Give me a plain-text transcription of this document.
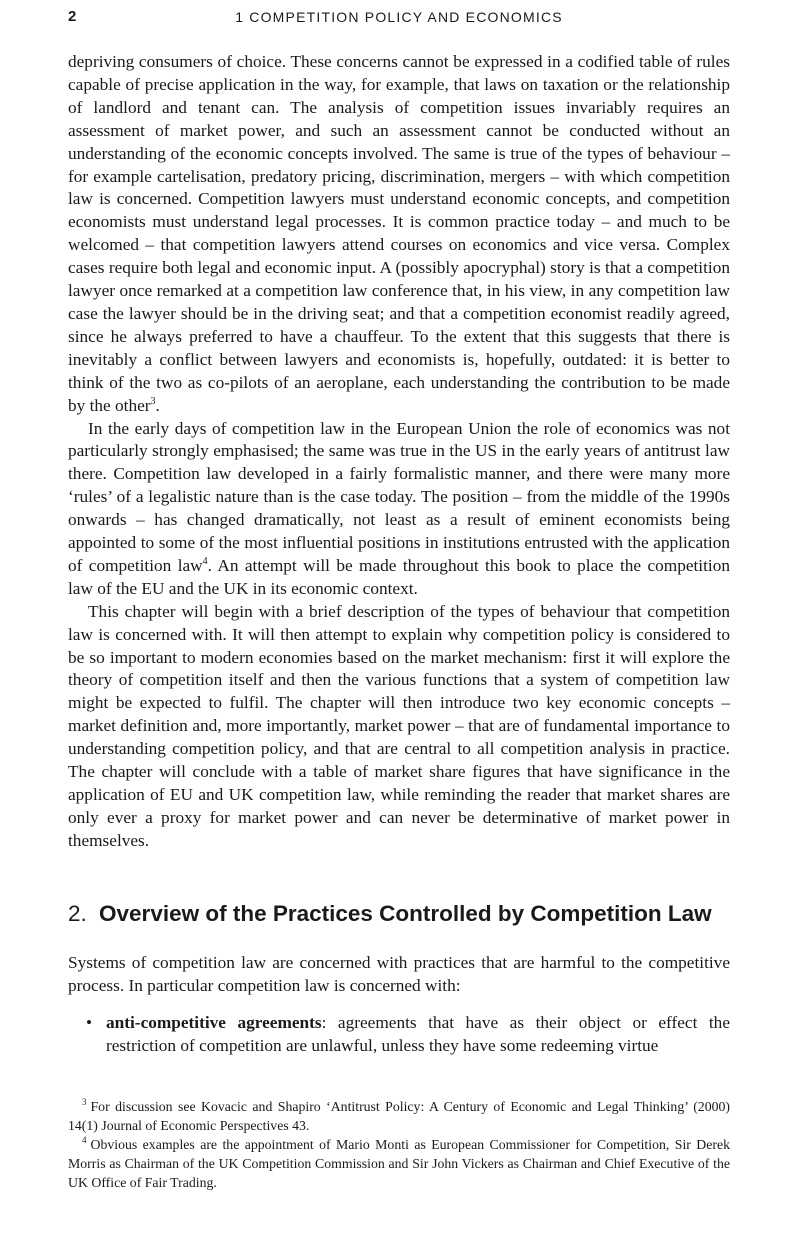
2	1 COMPETITION POLICY AND ECONOMICS

depriving consumers of choice. These concerns cannot be expressed in a codified table of rules capable of precise application in the way, for example, that laws on taxation or the relationship of landlord and tenant can. The analysis of competition issues invariably requires an assessment of market power, and such an assessment cannot be conducted without an understanding of the economic concepts involved. The same is true of the types of behaviour – for example cartelisation, predatory pricing, discrimination, mergers – with which competition law is concerned. Competition lawyers must understand economic concepts, and competition economists must understand legal processes. It is common practice today – and much to be welcomed – that competition lawyers attend courses on economics and vice versa. Complex cases require both legal and economic input. A (possibly apocryphal) story is that a competition lawyer once remarked at a competition law conference that, in his view, in any competition law case the lawyer should be in the driving seat; and that a competition economist readily agreed, since he always preferred to have a chauffeur. To the extent that this suggests that there is inevitably a conflict between lawyers and economists is, hopefully, outdated: it is better to think of the two as co-pilots of an aeroplane, each understanding the contribution to be made by the other$^3$.

In the early days of competition law in the European Union the role of economics was not particularly strongly emphasised; the same was true in the US in the early years of antitrust law there. Competition law developed in a fairly formalistic manner, and there were many more ‘rules’ of a legalistic nature than is the case today. The position – from the middle of the 1990s onwards – has changed dramatically, not least as a result of eminent economists being appointed to some of the most influential positions in institutions entrusted with the application of competition law$^4$. An attempt will be made throughout this book to place the competition law of the EU and the UK in its economic context.

This chapter will begin with a brief description of the types of behaviour that competition law is concerned with. It will then attempt to explain why competition policy is considered to be so important to modern economies based on the market mechanism: first it will explore the theory of competition itself and then the various functions that a system of competition law might be expected to fulfil. The chapter will then introduce two key economic concepts – market definition and, more importantly, market power – that are of fundamental importance to understanding competition policy, and that are central to all competition analysis in practice. The chapter will conclude with a table of market share figures that have significance in the application of EU and UK competition law, while reminding the reader that market shares are only ever a proxy for market power and can never be determinative of market power in themselves.

2. Overview of the Practices Controlled by Competition Law

Systems of competition law are concerned with practices that are harmful to the competitive process. In particular competition law is concerned with:

• anti-competitive agreements: agreements that have as their object or effect the restriction of competition are unlawful, unless they have some redeeming virtue

$^3$ For discussion see Kovacic and Shapiro ‘Antitrust Policy: A Century of Economic and Legal Thinking’ (2000) 14(1) Journal of Economic Perspectives 43.

$^4$ Obvious examples are the appointment of Mario Monti as European Commissioner for Competition, Sir Derek Morris as Chairman of the UK Competition Commission and Sir John Vickers as Chairman and Chief Executive of the UK Office of Fair Trading.
